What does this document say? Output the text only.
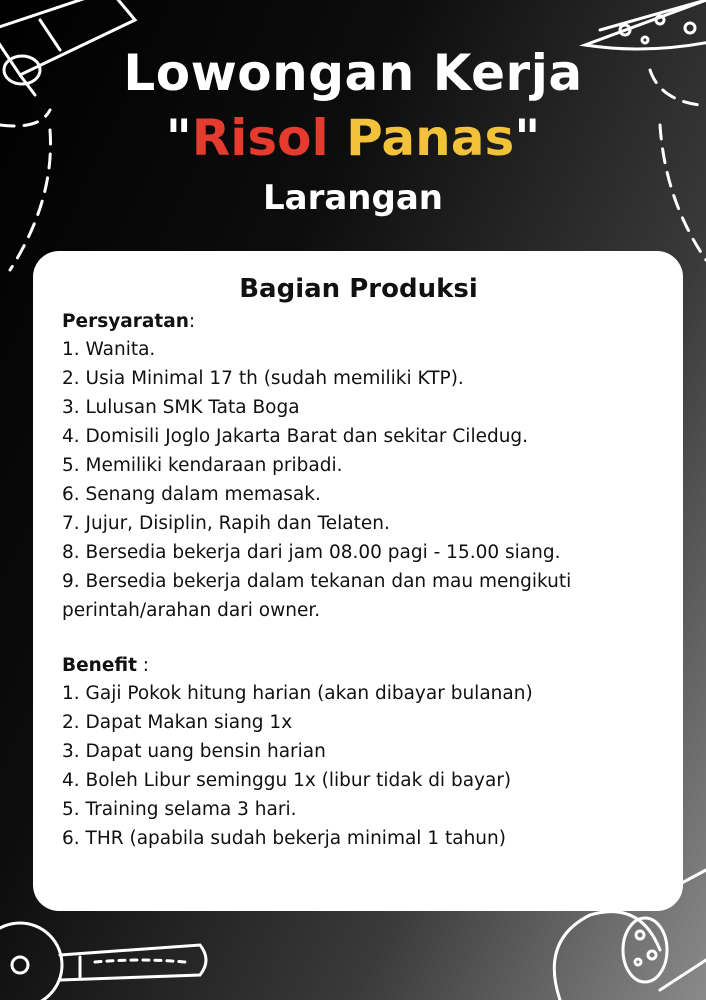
Lowongan Kerja
"Risol Panas"
Larangan
Bagian Produksi
Persyaratan:
1. Wanita.
2. Usia Minimal 17 th (sudah memiliki KTP).
3. Lulusan SMK Tata Boga
4. Domisili Joglo Jakarta Barat dan sekitar Ciledug.
5. Memiliki kendaraan pribadi.
6. Senang dalam memasak.
7. Jujur, Disiplin, Rapih dan Telaten.
8. Bersedia bekerja dari jam 08.00 pagi - 15.00 siang.
9. Bersedia bekerja dalam tekanan dan mau mengikuti perintah/arahan dari owner.
Benefit :
1. Gaji Pokok hitung harian (akan dibayar bulanan)
2. Dapat Makan siang 1x
3. Dapat uang bensin harian
4. Boleh Libur seminggu 1x (libur tidak di bayar)
5. Training selama 3 hari.
6. THR (apabila sudah bekerja minimal 1 tahun)
